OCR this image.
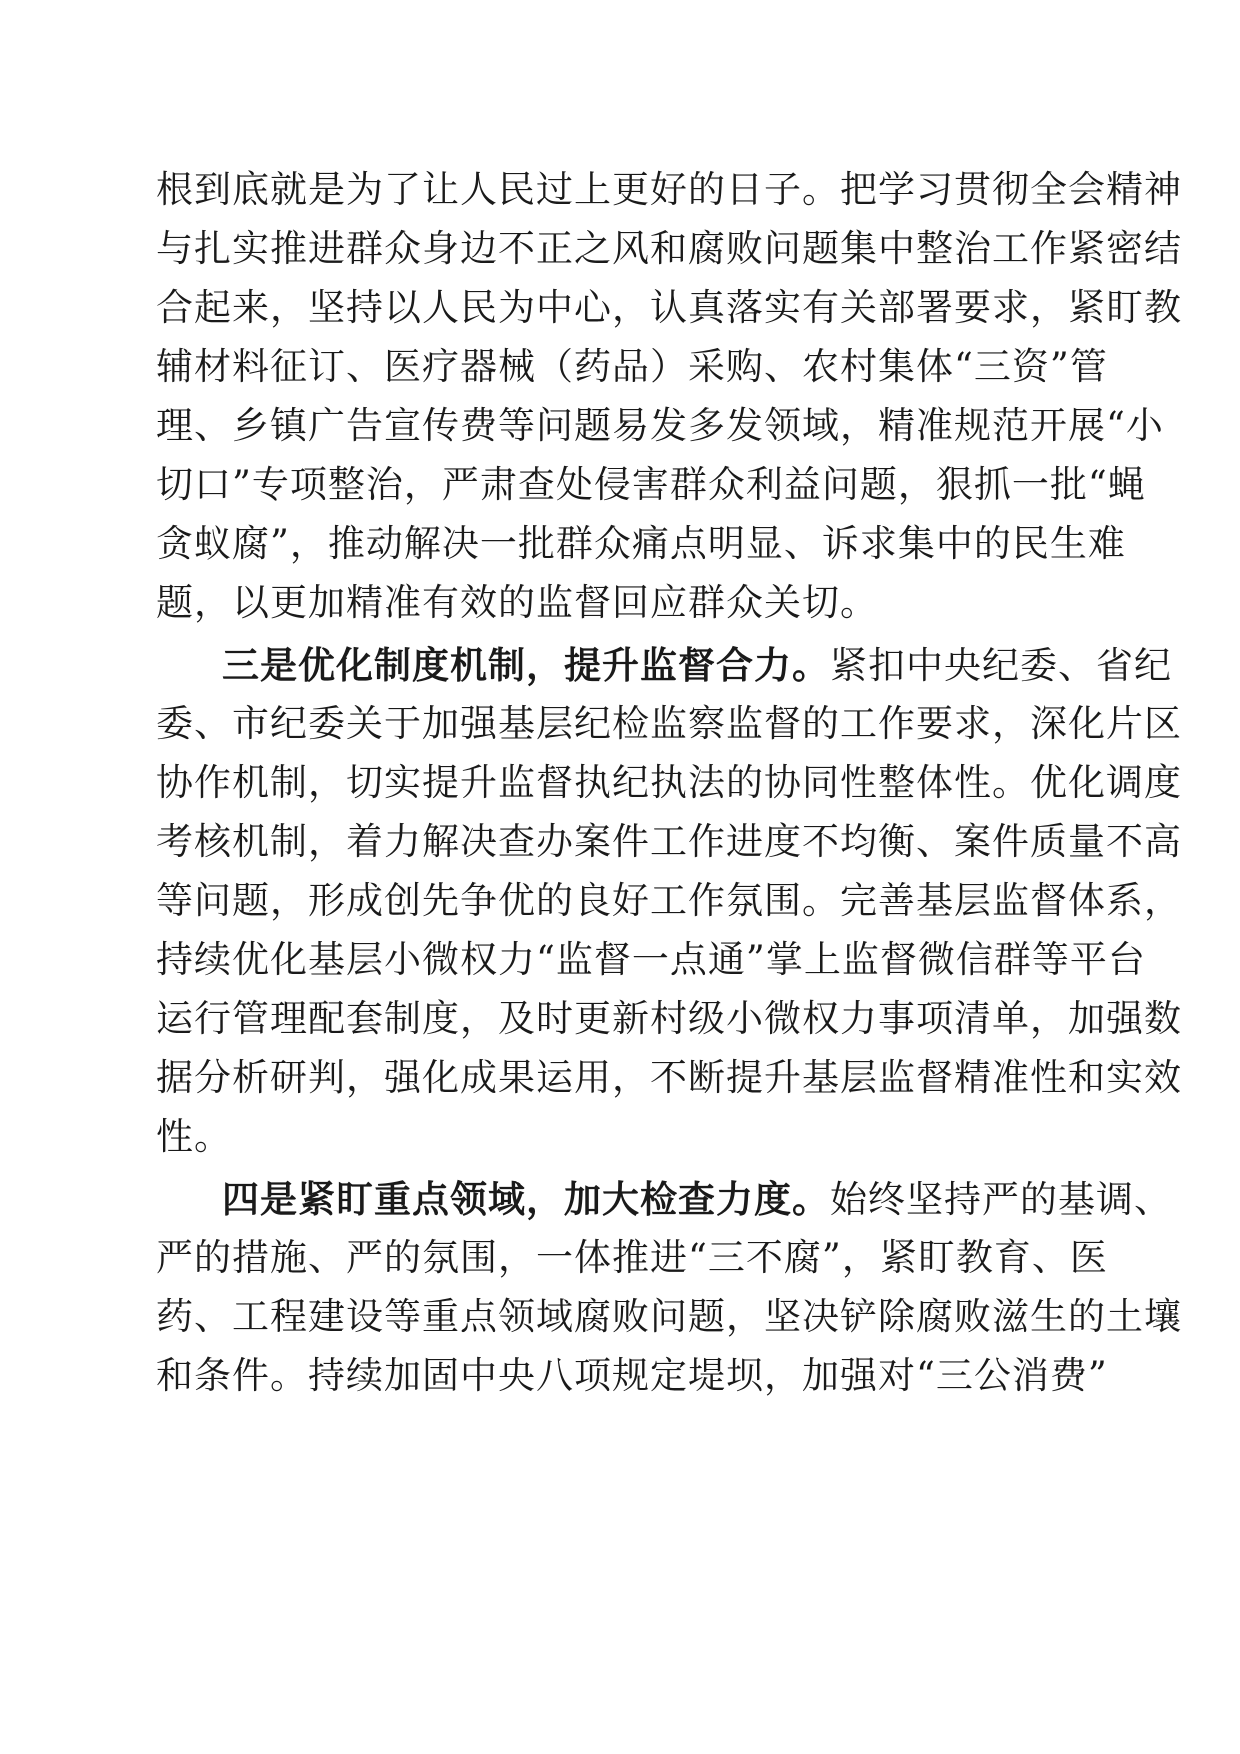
根到底就是为了让人民过上更好的日子。把学习贯彻全会精神
与扎实推进群众身边不正之风和腐败问题集中整治工作紧密结
合起来，坚持以人民为中心，认真落实有关部署要求，紧盯教
辅材料征订、医疗器械（药品）采购、农村集体“三资”管
理、乡镇广告宣传费等问题易发多发领域，精准规范开展“小
切口”专项整治，严肃查处侵害群众利益问题，狠抓一批“蝇
贪蚁腐”，推动解决一批群众痛点明显、诉求集中的民生难
题，以更加精准有效的监督回应群众关切。
三是优化制度机制，提升监督合力。紧扣中央纪委、省纪
委、市纪委关于加强基层纪检监察监督的工作要求，深化片区
协作机制，切实提升监督执纪执法的协同性整体性。优化调度
考核机制，着力解决查办案件工作进度不均衡、案件质量不高
等问题，形成创先争优的良好工作氛围。完善基层监督体系，
持续优化基层小微权力“监督一点通”掌上监督微信群等平台
运行管理配套制度，及时更新村级小微权力事项清单，加强数
据分析研判，强化成果运用，不断提升基层监督精准性和实效
性。
四是紧盯重点领域，加大检查力度。始终坚持严的基调、
严的措施、严的氛围，一体推进“三不腐”，紧盯教育、医
药、工程建设等重点领域腐败问题，坚决铲除腐败滋生的土壤
和条件。持续加固中央八项规定堤坝，加强对“三公消费”
